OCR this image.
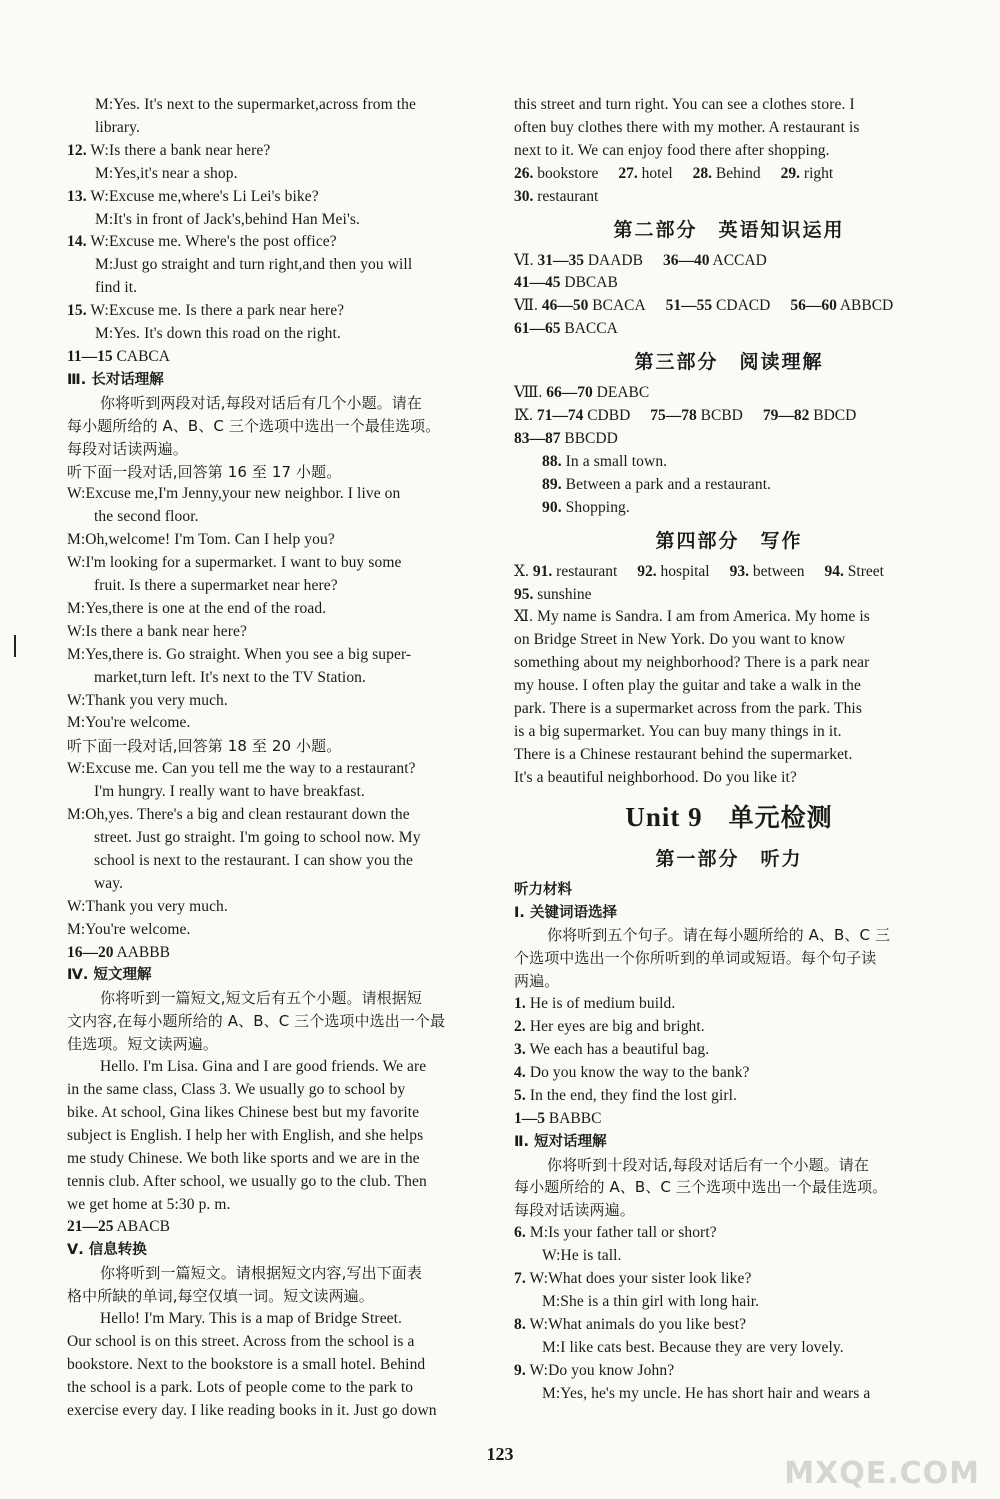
M:Yes. It's next to the supermarket,across from the
library.
12. W:Is there a bank near here?
M:Yes,it's near a shop.
13. W:Excuse me,where's Li Lei's bike?
M:It's in front of Jack's,behind Han Mei's.
14. W:Excuse me. Where's the post office?
M:Just go straight and turn right,and then you will
find it.
15. W:Excuse me. Is there a park near here?
M:Yes. It's down this road on the right.
11—15 CABCA
Ⅲ. 长对话理解
你将听到两段对话,每段对话后有几个小题。请在
每小题所给的 A、B、C 三个选项中选出一个最佳选项。
每段对话读两遍。
听下面一段对话,回答第 16 至 17 小题。
W:Excuse me,I'm Jenny,your new neighbor. I live on
the second floor.
M:Oh,welcome! I'm Tom. Can I help you?
W:I'm looking for a supermarket. I want to buy some
fruit. Is there a supermarket near here?
M:Yes,there is one at the end of the road.
W:Is there a bank near here?
M:Yes,there is. Go straight. When you see a big super-
market,turn left. It's next to the TV Station.
W:Thank you very much.
M:You're welcome.
听下面一段对话,回答第 18 至 20 小题。
W:Excuse me. Can you tell me the way to a restaurant?
I'm hungry. I really want to have breakfast.
M:Oh,yes. There's a big and clean restaurant down the
street. Just go straight. I'm going to school now. My
school is next to the restaurant. I can show you the
way.
W:Thank you very much.
M:You're welcome.
16—20 AABBB
Ⅳ. 短文理解
你将听到一篇短文,短文后有五个小题。请根据短
文内容,在每小题所给的 A、B、C 三个选项中选出一个最
佳选项。短文读两遍。
Hello. I'm Lisa. Gina and I are good friends. We are
in the same class, Class 3. We usually go to school by
bike. At school, Gina likes Chinese best but my favorite
subject is English. I help her with English, and she helps
me study Chinese. We both like sports and we are in the
tennis club. After school, we usually go to the club. Then
we get home at 5:30 p. m.
21—25 ABACB
Ⅴ. 信息转换
你将听到一篇短文。请根据短文内容,写出下面表
格中所缺的单词,每空仅填一词。短文读两遍。
Hello! I'm Mary. This is a map of Bridge Street.
Our school is on this street. Across from the school is a
bookstore. Next to the bookstore is a small hotel. Behind
the school is a park. Lots of people come to the park to
exercise every day. I like reading books in it. Just go down
this street and turn right. You can see a clothes store. I
often buy clothes there with my mother. A restaurant is
next to it. We can enjoy food there after shopping.
26. bookstore 27. hotel 28. Behind 29. right
30. restaurant
第二部分　英语知识运用
Ⅵ. 31—35 DAADB 36—40 ACCAD
41—45 DBCAB
Ⅶ. 46—50 BCACA 51—55 CDACD 56—60 ABBCD
61—65 BACCA
第三部分　阅读理解
Ⅷ. 66—70 DEABC
Ⅸ. 71—74 CDBD 75—78 BCBD 79—82 BDCD
83—87 BBCDD
88. In a small town.
89. Between a park and a restaurant.
90. Shopping.
第四部分　写作
Ⅹ. 91. restaurant 92. hospital 93. between 94. Street
95. sunshine
Ⅺ. My name is Sandra. I am from America. My home is
on Bridge Street in New York. Do you want to know
something about my neighborhood? There is a park near
my house. I often play the guitar and take a walk in the
park. There is a supermarket across from the park. This
is a big supermarket. You can buy many things in it.
There is a Chinese restaurant behind the supermarket.
It's a beautiful neighborhood. Do you like it?
Unit 9　 单元检测
第一部分　听力
听力材料
Ⅰ. 关键词语选择
你将听到五个句子。请在每小题所给的 A、B、C 三
个选项中选出一个你所听到的单词或短语。每个句子读
两遍。
1. He is of medium build.
2. Her eyes are big and bright.
3. We each has a beautiful bag.
4. Do you know the way to the bank?
5. In the end, they find the lost girl.
1—5 BABBC
Ⅱ. 短对话理解
你将听到十段对话,每段对话后有一个小题。请在
每小题所给的 A、B、C 三个选项中选出一个最佳选项。
每段对话读两遍。
6. M:Is your father tall or short?
W:He is tall.
7. W:What does your sister look like?
M:She is a thin girl with long hair.
8. W:What animals do you like best?
M:I like cats best. Because they are very lovely.
9. W:Do you know John?
M:Yes, he's my uncle. He has short hair and wears a
123
MXQE.COM
